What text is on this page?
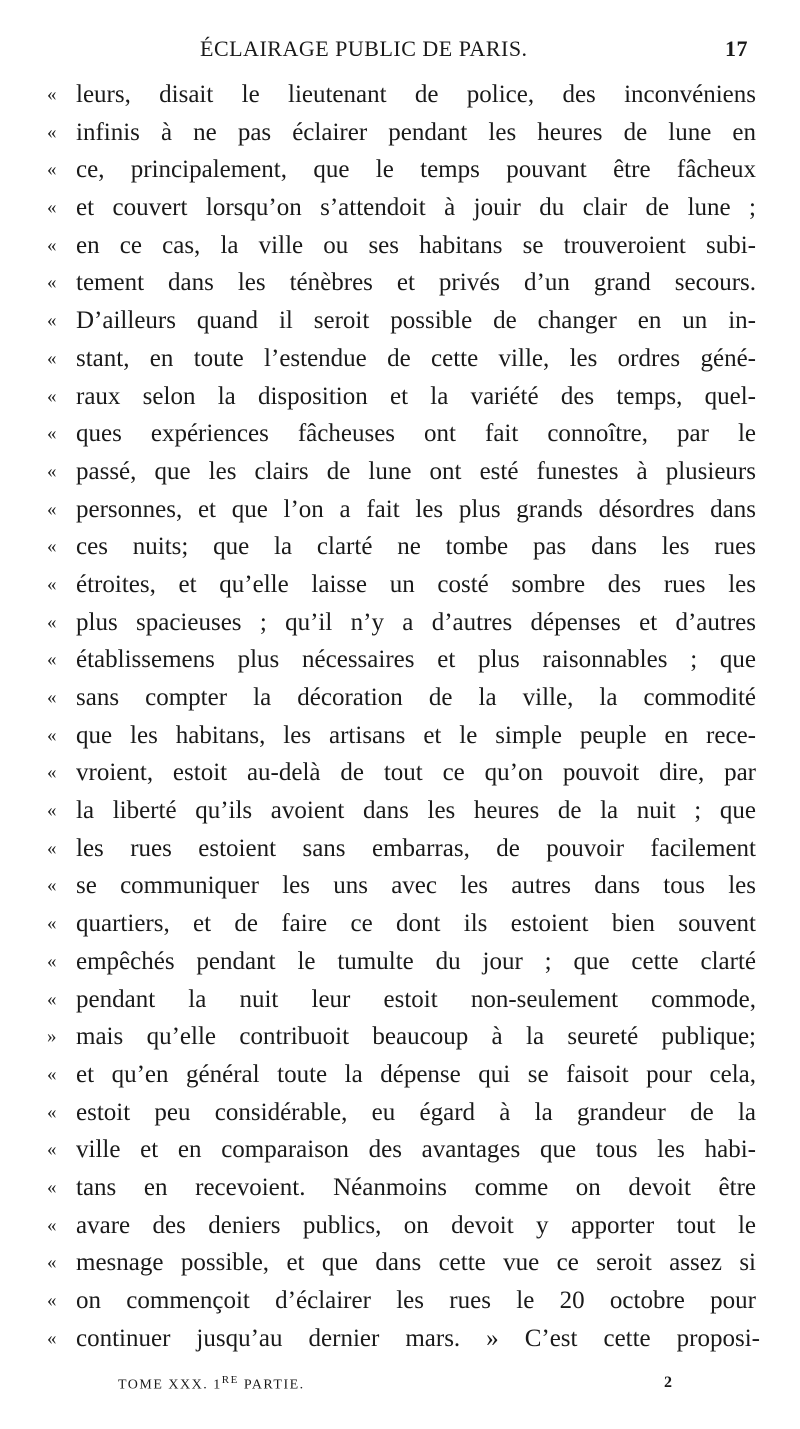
ÉCLAIRAGE PUBLIC DE PARIS.	17
« leurs, disait le lieutenant de police, des inconvéniens
« infinis à ne pas éclairer pendant les heures de lune en
« ce, principalement, que le temps pouvant être fâcheux
« et couvert lorsqu’on s’attendoit à jouir du clair de lune ;
« en ce cas, la ville ou ses habitans se trouveroient subi-
« tement dans les ténèbres et privés d’un grand secours.
« D’ailleurs quand il seroit possible de changer en un in-
« stant, en toute l’estendue de cette ville, les ordres géné-
« raux selon la disposition et la variété des temps, quel-
« ques expériences fâcheuses ont fait connoître, par le
« passé, que les clairs de lune ont esté funestes à plusieurs
« personnes, et que l’on a fait les plus grands désordres dans
« ces nuits; que la clarté ne tombe pas dans les rues
« étroites, et qu’elle laisse un costé sombre des rues les
« plus spacieuses ; qu’il n’y a d’autres dépenses et d’autres
« établissemens plus nécessaires et plus raisonnables ; que
« sans compter la décoration de la ville, la commodité
« que les habitans, les artisans et le simple peuple en rece-
« vroient, estoit au-delà de tout ce qu’on pouvoit dire, par
« la liberté qu’ils avoient dans les heures de la nuit ; que
« les rues estoient sans embarras, de pouvoir facilement
« se communiquer les uns avec les autres dans tous les
« quartiers, et de faire ce dont ils estoient bien souvent
« empêchés pendant le tumulte du jour ; que cette clarté
« pendant la nuit leur estoit non-seulement commode,
» mais qu’elle contribuoit beaucoup à la seureté publique;
« et qu’en général toute la dépense qui se faisoit pour cela,
« estoit peu considérable, eu égard à la grandeur de la
« ville et en comparaison des avantages que tous les habi-
« tans en recevoient. Néanmoins comme on devoit être
« avare des deniers publics, on devoit y apporter tout le
« mesnage possible, et que dans cette vue ce seroit assez si
« on commençoit d’éclairer les rues le 20 octobre pour
« continuer jusqu’au dernier mars. » C’est cette proposi-
TOME XXX. 1RE PARTIE.	2
